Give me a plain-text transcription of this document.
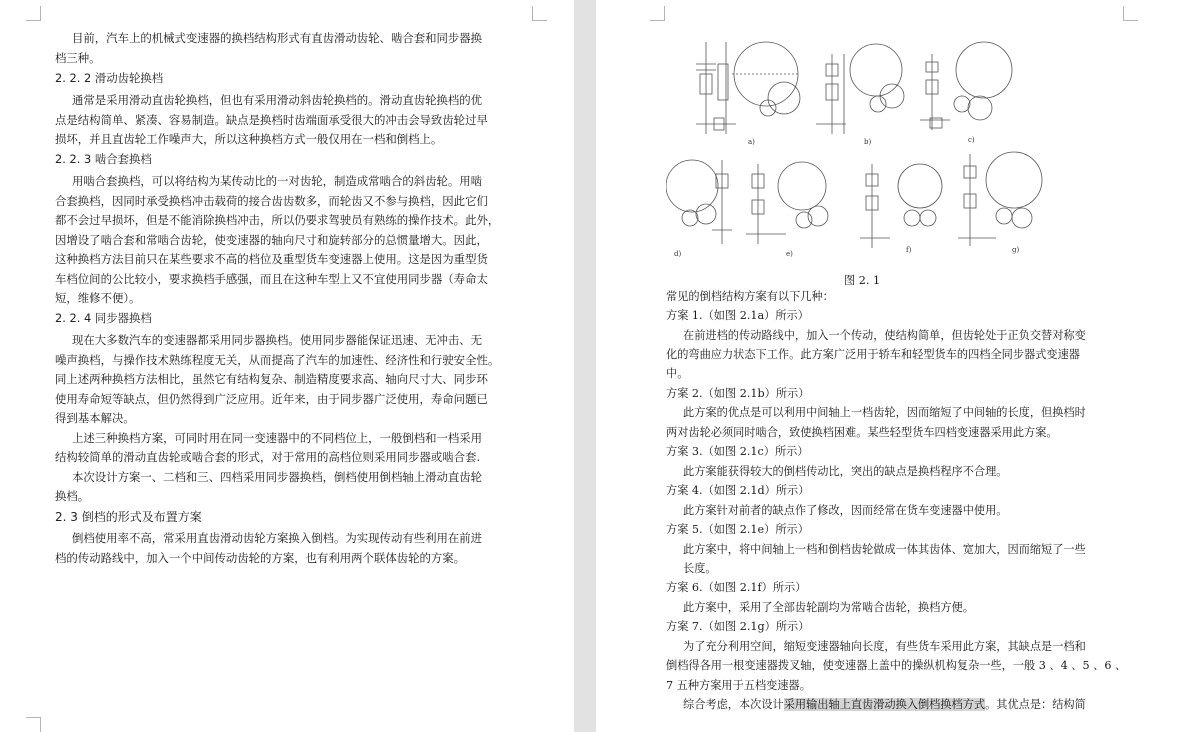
目前，汽车上的机械式变速器的换档结构形式有直齿滑动齿轮、啮合套和同步器换
档三种。
2. 2. 2 滑动齿轮换档
通常是采用滑动直齿轮换档，但也有采用滑动斜齿轮换档的。滑动直齿轮换档的优
点是结构简单、紧凑、容易制造。缺点是换档时齿端面承受很大的冲击会导致齿轮过早
损坏，并且直齿轮工作噪声大，所以这种换档方式一般仅用在一档和倒档上。
2. 2. 3 啮合套换档
用啮合套换档，可以将结构为某传动比的一对齿轮，制造成常啮合的斜齿轮。用啮
合套换档，因同时承受换档冲击载荷的接合齿齿数多，而轮齿又不参与换档，因此它们
都不会过早损坏，但是不能消除换档冲击，所以仍要求驾驶员有熟练的操作技术。此外，
因增设了啮合套和常啮合齿轮，使变速器的轴向尺寸和旋转部分的总惯量增大。因此，
这种换档方法目前只在某些要求不高的档位及重型货车变速器上使用。这是因为重型货
车档位间的公比较小，要求换档手感强，而且在这种车型上又不宜使用同步器（寿命太
短，维修不便）。
2. 2. 4 同步器换档
现在大多数汽车的变速器都采用同步器换档。使用同步器能保证迅速、无冲击、无
噪声换档，与操作技术熟练程度无关，从而提高了汽车的加速性、经济性和行驶安全性。
同上述两种换档方法相比，虽然它有结构复杂、制造精度要求高、轴向尺寸大、同步环
使用寿命短等缺点，但仍然得到广泛应用。近年来，由于同步器广泛使用，寿命问题已
得到基本解决。
上述三种换档方案，可同时用在同一变速器中的不同档位上，一般倒档和一档采用
结构较简单的滑动直齿轮或啮合套的形式，对于常用的高档位则采用同步器或啮合套.
本次设计方案一、二档和三、四档采用同步器换档，倒档使用倒档轴上滑动直齿轮
换档。
2. 3 倒档的形式及布置方案
倒档使用率不高，常采用直齿滑动齿轮方案换入倒档。为实现传动有些利用在前进
档的传动路线中，加入一个中间传动齿轮的方案，也有利用两个联体齿轮的方案。
a)	b)	c)
d)	e)	f)	g)
图 2. 1
常见的倒档结构方案有以下几种：
方案 1.（如图 2.1a）所示）
在前进档的传动路线中，加入一个传动，使结构简单，但齿轮处于正负交替对称变
化的弯曲应力状态下工作。此方案广泛用于轿车和轻型货车的四档全同步器式变速器
中。
方案 2.（如图 2.1b）所示）
此方案的优点是可以利用中间轴上一档齿轮，因而缩短了中间轴的长度，但换档时
两对齿轮必须同时啮合，致使换档困难。某些轻型货车四档变速器采用此方案。
方案 3.（如图 2.1c）所示）
此方案能获得较大的倒档传动比，突出的缺点是换档程序不合理。
方案 4.（如图 2.1d）所示）
此方案针对前者的缺点作了修改，因而经常在货车变速器中使用。
方案 5.（如图 2.1e）所示）
此方案中，将中间轴上一档和倒档齿轮做成一体其齿体、宽加大，因而缩短了一些
长度。
方案 6.（如图 2.1f）所示）
此方案中，采用了全部齿轮副均为常啮合齿轮，换档方便。
方案 7.（如图 2.1g）所示）
为了充分利用空间，缩短变速器轴向长度，有些货车采用此方案，其缺点是一档和
倒档得各用一根变速器拨叉轴，使变速器上盖中的操纵机构复杂一些，一般 3 、4 、5 、6 、
7 五种方案用于五档变速器。
综合考虑，本次设计采用输出轴上直齿滑动换入倒档换档方式。其优点是：结构简
